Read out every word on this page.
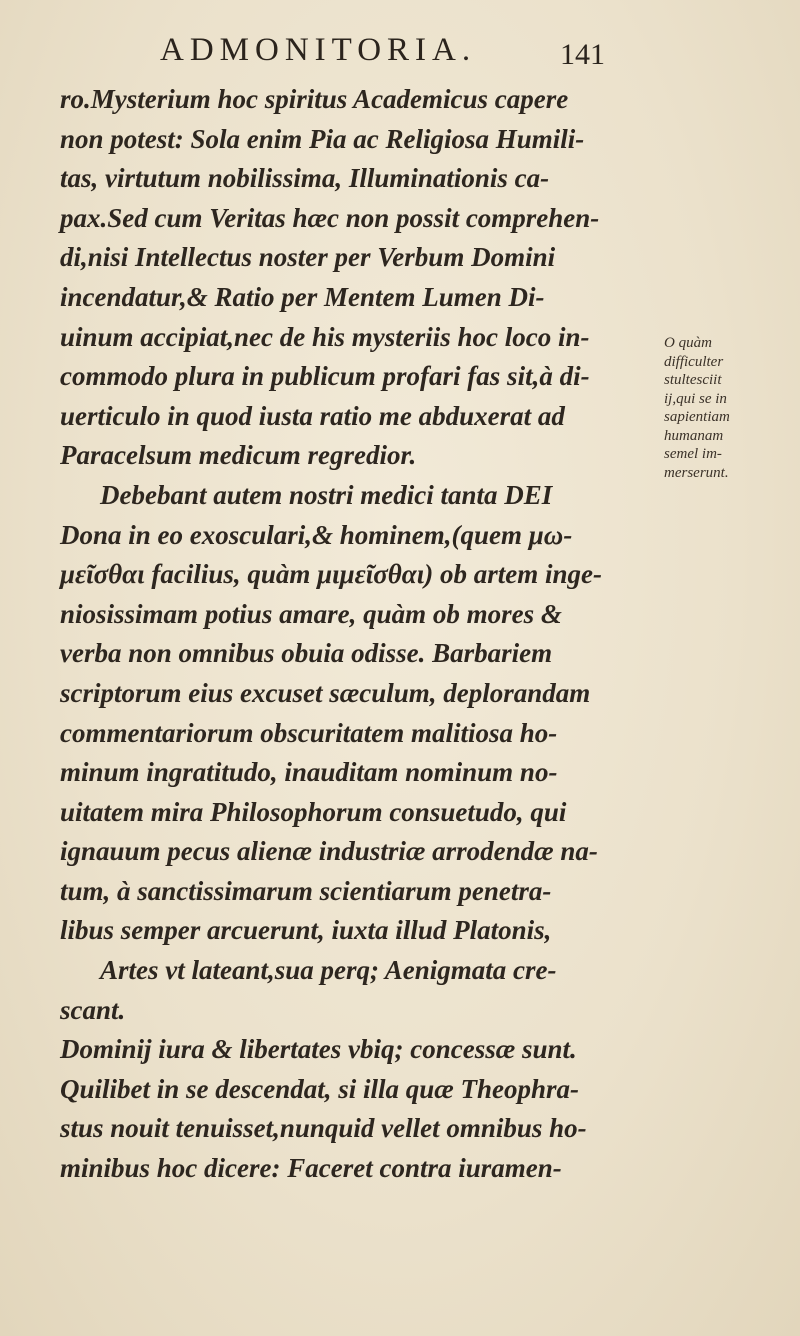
ADMONITORIA.	141
ro.Mysterium hoc spiritus Academicus capere
non potest: Sola enim Pia ac Religiosa Humili-
tas, virtutum nobilissima, Illuminationis ca-
pax.Sed cum Veritas hæc non possit comprehen-
di,nisi Intellectus noster per Verbum Domini
incendatur,& Ratio per Mentem Lumen Di-
uinum accipiat,nec de his mysteriis hoc loco in-
commodo plura in publicum profari fas sit,à di-
uerticulo in quod iusta ratio me abduxerat ad
Paracelsum medicum regredior.
Debebant autem nostri medici tanta DEI
Dona in eo exosculari,& hominem,(quem μω-
μεῖσθαι facilius, quàm μιμεῖσθαι) ob artem inge-
niosissimam potius amare, quàm ob mores &
verba non omnibus obuia odisse. Barbariem
scriptorum eius excuset sæculum, deplorandam
commentariorum obscuritatem malitiosa ho-
minum ingratitudo, inauditam nominum no-
uitatem mira Philosophorum consuetudo, qui
ignauum pecus alienæ industriæ arrodendæ na-
tum, à sanctissimarum scientiarum penetra-
libus semper arcuerunt, iuxta illud Platonis,
Artes vt lateant,sua perq; Aenigmata cre-
scant.
Dominij iura & libertates vbiq; concessæ sunt.
Quilibet in se descendat, si illa quæ Theophra-
stus nouit tenuisset,nunquid vellet omnibus ho-
minibus hoc dicere: Faceret contra iuramen-
O quàm
difficulter
stultesciit
ij,qui se in
sapientiam
humanam
semel im-
merserunt.
